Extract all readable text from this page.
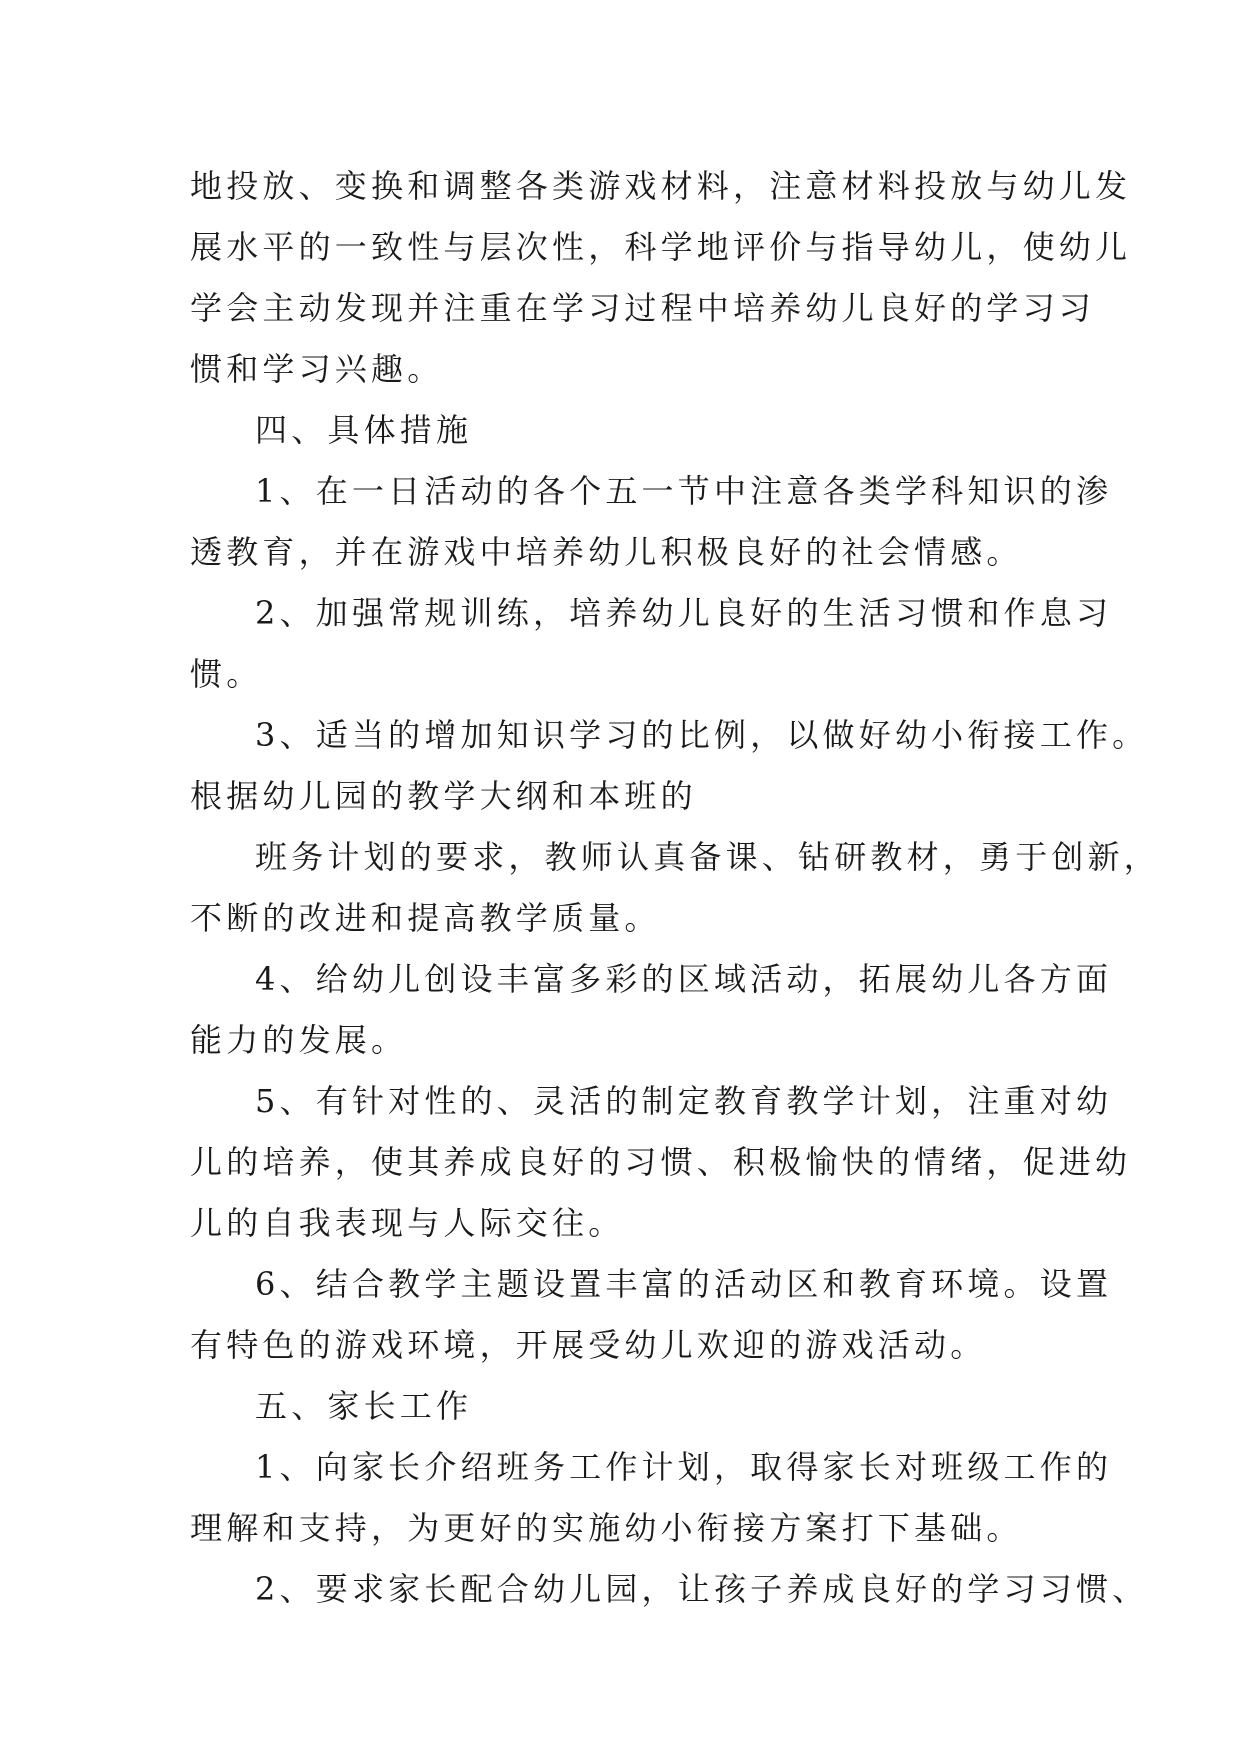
地投放、变换和调整各类游戏材料，注意材料投放与幼儿发
展水平的一致性与层次性，科学地评价与指导幼儿，使幼儿
学会主动发现并注重在学习过程中培养幼儿良好的学习习
惯和学习兴趣。
四、具体措施
1、在一日活动的各个五一节中注意各类学科知识的渗
透教育，并在游戏中培养幼儿积极良好的社会情感。
2、加强常规训练，培养幼儿良好的生活习惯和作息习
惯。
3、适当的增加知识学习的比例，以做好幼小衔接工作。
根据幼儿园的教学大纲和本班的
班务计划的要求，教师认真备课、钻研教材，勇于创新，
不断的改进和提高教学质量。
4、给幼儿创设丰富多彩的区域活动，拓展幼儿各方面
能力的发展。
5、有针对性的、灵活的制定教育教学计划，注重对幼
儿的培养，使其养成良好的习惯、积极愉快的情绪，促进幼
儿的自我表现与人际交往。
6、结合教学主题设置丰富的活动区和教育环境。设置
有特色的游戏环境，开展受幼儿欢迎的游戏活动。
五、家长工作
1、向家长介绍班务工作计划，取得家长对班级工作的
理解和支持，为更好的实施幼小衔接方案打下基础。
2、要求家长配合幼儿园，让孩子养成良好的学习习惯、
